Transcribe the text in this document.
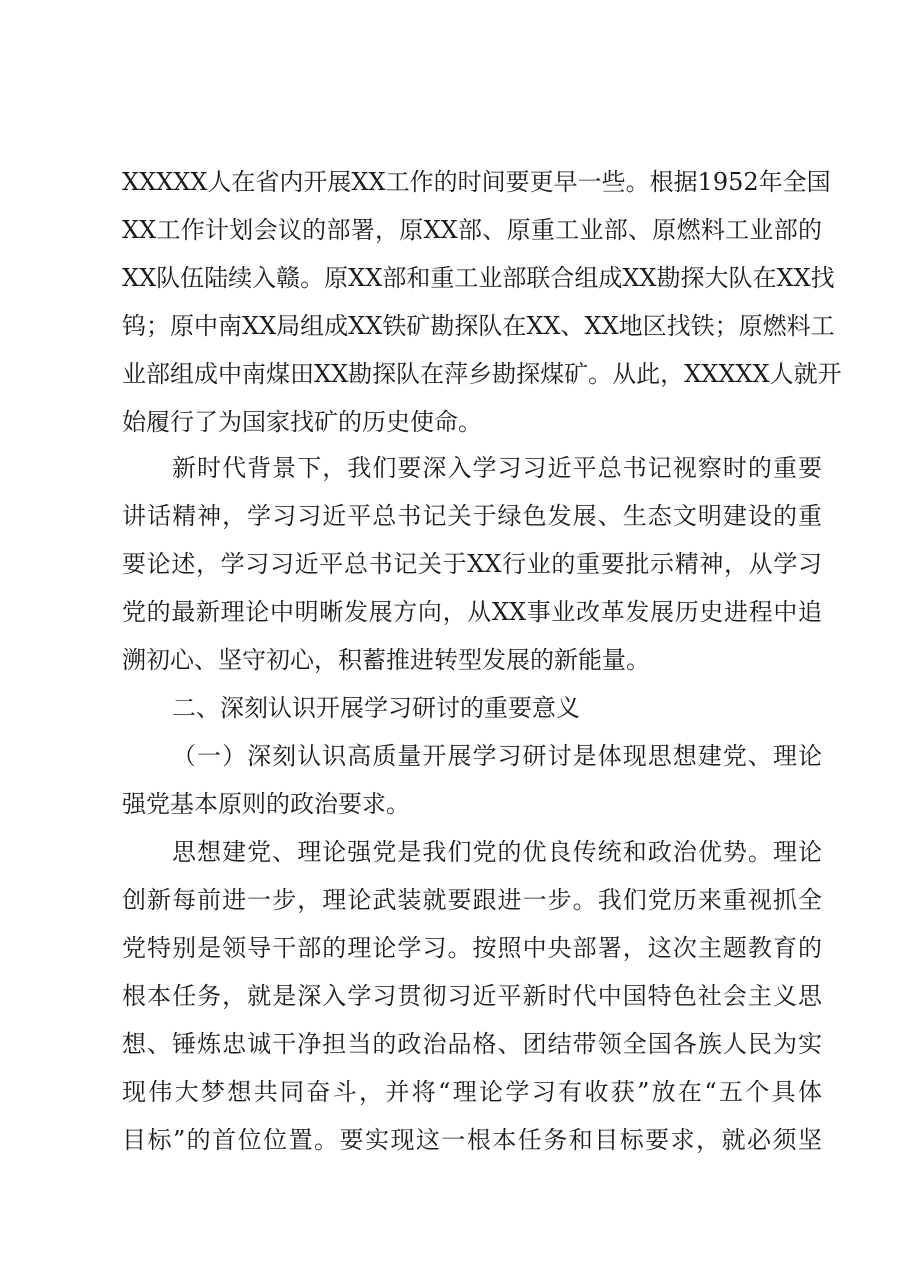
XXXXX人在省内开展XX工作的时间要更早一些。根据1952年全国
XX工作计划会议的部署，原XX部、原重工业部、原燃料工业部的
XX队伍陆续入赣。原XX部和重工业部联合组成XX勘探大队在XX找
钨；原中南XX局组成XX铁矿勘探队在XX、XX地区找铁；原燃料工
业部组成中南煤田XX勘探队在萍乡勘探煤矿。从此，XXXXX人就开
始履行了为国家找矿的历史使命。
新时代背景下，我们要深入学习习近平总书记视察时的重要
讲话精神，学习习近平总书记关于绿色发展、生态文明建设的重
要论述，学习习近平总书记关于XX行业的重要批示精神，从学习
党的最新理论中明晰发展方向，从XX事业改革发展历史进程中追
溯初心、坚守初心，积蓄推进转型发展的新能量。
二、深刻认识开展学习研讨的重要意义
（一）深刻认识高质量开展学习研讨是体现思想建党、理论
强党基本原则的政治要求。
思想建党、理论强党是我们党的优良传统和政治优势。理论
创新每前进一步，理论武装就要跟进一步。我们党历来重视抓全
党特别是领导干部的理论学习。按照中央部署，这次主题教育的
根本任务，就是深入学习贯彻习近平新时代中国特色社会主义思
想、锤炼忠诚干净担当的政治品格、团结带领全国各族人民为实
现伟大梦想共同奋斗，并将“理论学习有收获”放在“五个具体
目标”的首位位置。要实现这一根本任务和目标要求，就必须坚
